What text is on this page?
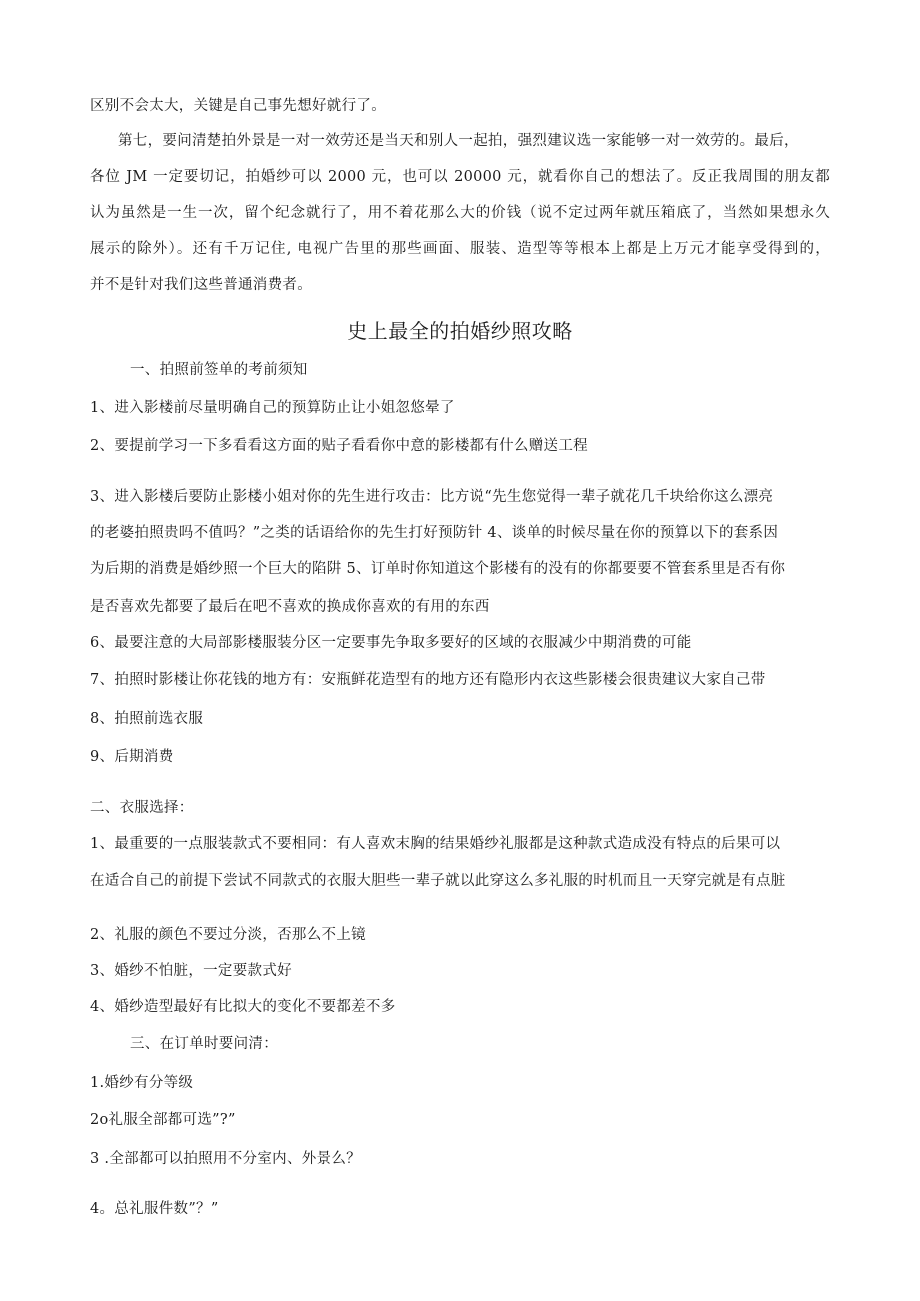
区别不会太大，关键是自己事先想好就行了。
第七，要问清楚拍外景是一对一效劳还是当天和别人一起拍，强烈建议选一家能够一对一效劳的。最后，
各位 JM 一定要切记，拍婚纱可以 2000 元，也可以 20000 元，就看你自己的想法了。反正我周围的朋友都
认为虽然是一生一次，留个纪念就行了，用不着花那么大的价钱（说不定过两年就压箱底了，当然如果想永久
展示的除外）。还有千万记住, 电视广告里的那些画面、服装、造型等等根本上都是上万元才能享受得到的，
并不是针对我们这些普通消费者。
史上最全的拍婚纱照攻略
一、拍照前签单的考前须知
1、进入影楼前尽量明确自己的预算防止让小姐忽悠晕了
2、要提前学习一下多看看这方面的贴子看看你中意的影楼都有什么赠送工程
3、进入影楼后要防止影楼小姐对你的先生进行攻击：比方说“先生您觉得一辈子就花几千块给你这么漂亮
的老婆拍照贵吗不值吗？”之类的话语给你的先生打好预防针 4、谈单的时候尽量在你的预算以下的套系因
为后期的消费是婚纱照一个巨大的陷阱 5、订单时你知道这个影楼有的没有的你都要要不管套系里是否有你
是否喜欢先都要了最后在吧不喜欢的换成你喜欢的有用的东西
6、最要注意的大局部影楼服装分区一定要事先争取多要好的区域的衣服减少中期消费的可能
7、拍照时影楼让你花钱的地方有：安瓶鲜花造型有的地方还有隐形内衣这些影楼会很贵建议大家自己带
8、拍照前选衣服
9、后期消费
二、衣服选择：
1、最重要的一点服装款式不要相同：有人喜欢末胸的结果婚纱礼服都是这种款式造成没有特点的后果可以
在适合自己的前提下尝试不同款式的衣服大胆些一辈子就以此穿这么多礼服的时机而且一天穿完就是有点脏
2、礼服的颜色不要过分淡，否那么不上镜
3、婚纱不怕脏，一定要款式好
4、婚纱造型最好有比拟大的变化不要都差不多
三、在订单时要问清：
1.婚纱有分等级
2o礼服全部都可选”?”
3 .全部都可以拍照用不分室内、外景么？
4。总礼服件数”？”
